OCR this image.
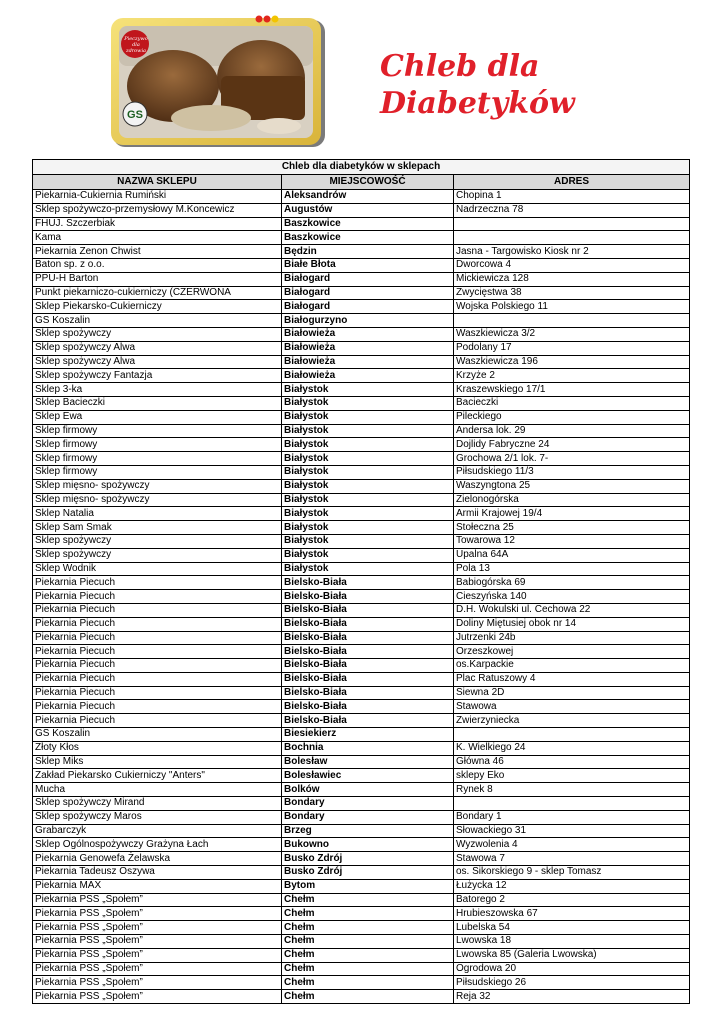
GS
Pieczywo
dla zdrowia	Chleb dla
Diabetyków
Chleb dla diabetyków w sklepach		
NAZWA SKLEPU	MIEJSCOWOŚĆ	ADRES
Piekarnia-Cukiernia Rumiński	Aleksandrów	Chopina 1
Sklep spożywczo-przemysłowy M.Koncewicz	Augustów	Nadrzeczna 78
FHUJ. Szczerbiak	Baszkowice	
Kama	Baszkowice	
Piekarnia Zenon Chwist	Będzin	Jasna - Targowisko Kiosk nr 2
Baton sp. z o.o.	Białe Błota	Dworcowa 4
PPU-H Barton	Białogard	Mickiewicza 128
Punkt piekarniczo-cukierniczy (CZERWONA	Białogard	Zwycięstwa 38
Sklep Piekarsko-Cukierniczy	Białogard	Wojska Polskiego 11
GS Koszalin	Białogurzyno	
Sklep spożywczy	Białowieża	Waszkiewicza 3/2
Sklep spożywczy Alwa	Białowieża	Podolany 17
Sklep spożywczy Alwa	Białowieża	Waszkiewicza 196
Sklep spożywczy Fantazja	Białowieża	Krzyże 2
Sklep 3-ka	Białystok	Kraszewskiego 17/1
Sklep Bacieczki	Białystok	Bacieczki
Sklep Ewa	Białystok	Pileckiego
Sklep firmowy	Białystok	Andersa lok. 29
Sklep firmowy	Białystok	Dojlidy Fabryczne 24
Sklep firmowy	Białystok	Grochowa 2/1 lok. 7-
Sklep firmowy	Białystok	Piłsudskiego 11/3
Sklep mięsno- spożywczy	Białystok	Waszyngtona 25
Sklep mięsno- spożywczy	Białystok	Zielonogórska
Sklep Natalia	Białystok	Armii Krajowej 19/4
Sklep Sam Smak	Białystok	Stołeczna 25
Sklep spożywczy	Białystok	Towarowa 12
Sklep spożywczy	Białystok	Upalna 64A
Sklep Wodnik	Białystok	Pola 13
Piekarnia Piecuch	Bielsko-Biała	Babiogórska 69
Piekarnia Piecuch	Bielsko-Biała	Cieszyńska 140
Piekarnia Piecuch	Bielsko-Biała	D.H. Wokulski ul. Cechowa 22
Piekarnia Piecuch	Bielsko-Biała	Doliny Miętusiej obok nr 14
Piekarnia Piecuch	Bielsko-Biała	Jutrzenki 24b
Piekarnia Piecuch	Bielsko-Biała	Orzeszkowej
Piekarnia Piecuch	Bielsko-Biała	os.Karpackie
Piekarnia Piecuch	Bielsko-Biała	Plac Ratuszowy 4
Piekarnia Piecuch	Bielsko-Biała	Siewna 2D
Piekarnia Piecuch	Bielsko-Biała	Stawowa
Piekarnia Piecuch	Bielsko-Biała	Zwierzyniecka
GS Koszalin	Biesiekierz	
Złoty Kłos	Bochnia	K. Wielkiego 24
Sklep Miks	Bolesław	Główna 46
Zakład Piekarsko Cukierniczy "Anters"	Bolesławiec	sklepy Eko
Mucha	Bolków	Rynek 8
Sklep spożywczy Mirand	Bondary	
Sklep spożywczy Maros	Bondary	Bondary 1
Grabarczyk	Brzeg	Słowackiego 31
Sklep Ogólnospożywczy Grażyna Łach	Bukowno	Wyzwolenia 4
Piekarnia Genowefa Żelawska	Busko Zdrój	Stawowa 7
Piekarnia Tadeusz Oszywa	Busko Zdrój	os. Sikorskiego 9 - sklep Tomasz
Piekarnia MAX	Bytom	Łużycka 12
Piekarnia PSS „Społem”	Chełm	Batorego 2
Piekarnia PSS „Społem”	Chełm	Hrubieszowska 67
Piekarnia PSS „Społem”	Chełm	Lubelska 54
Piekarnia PSS „Społem”	Chełm	Lwowska 18
Piekarnia PSS „Społem”	Chełm	Lwowska 85 (Galeria Lwowska)
Piekarnia PSS „Społem”	Chełm	Ogrodowa 20
Piekarnia PSS „Społem”	Chełm	Piłsudskiego 26
Piekarnia PSS „Społem”	Chełm	Reja 32
